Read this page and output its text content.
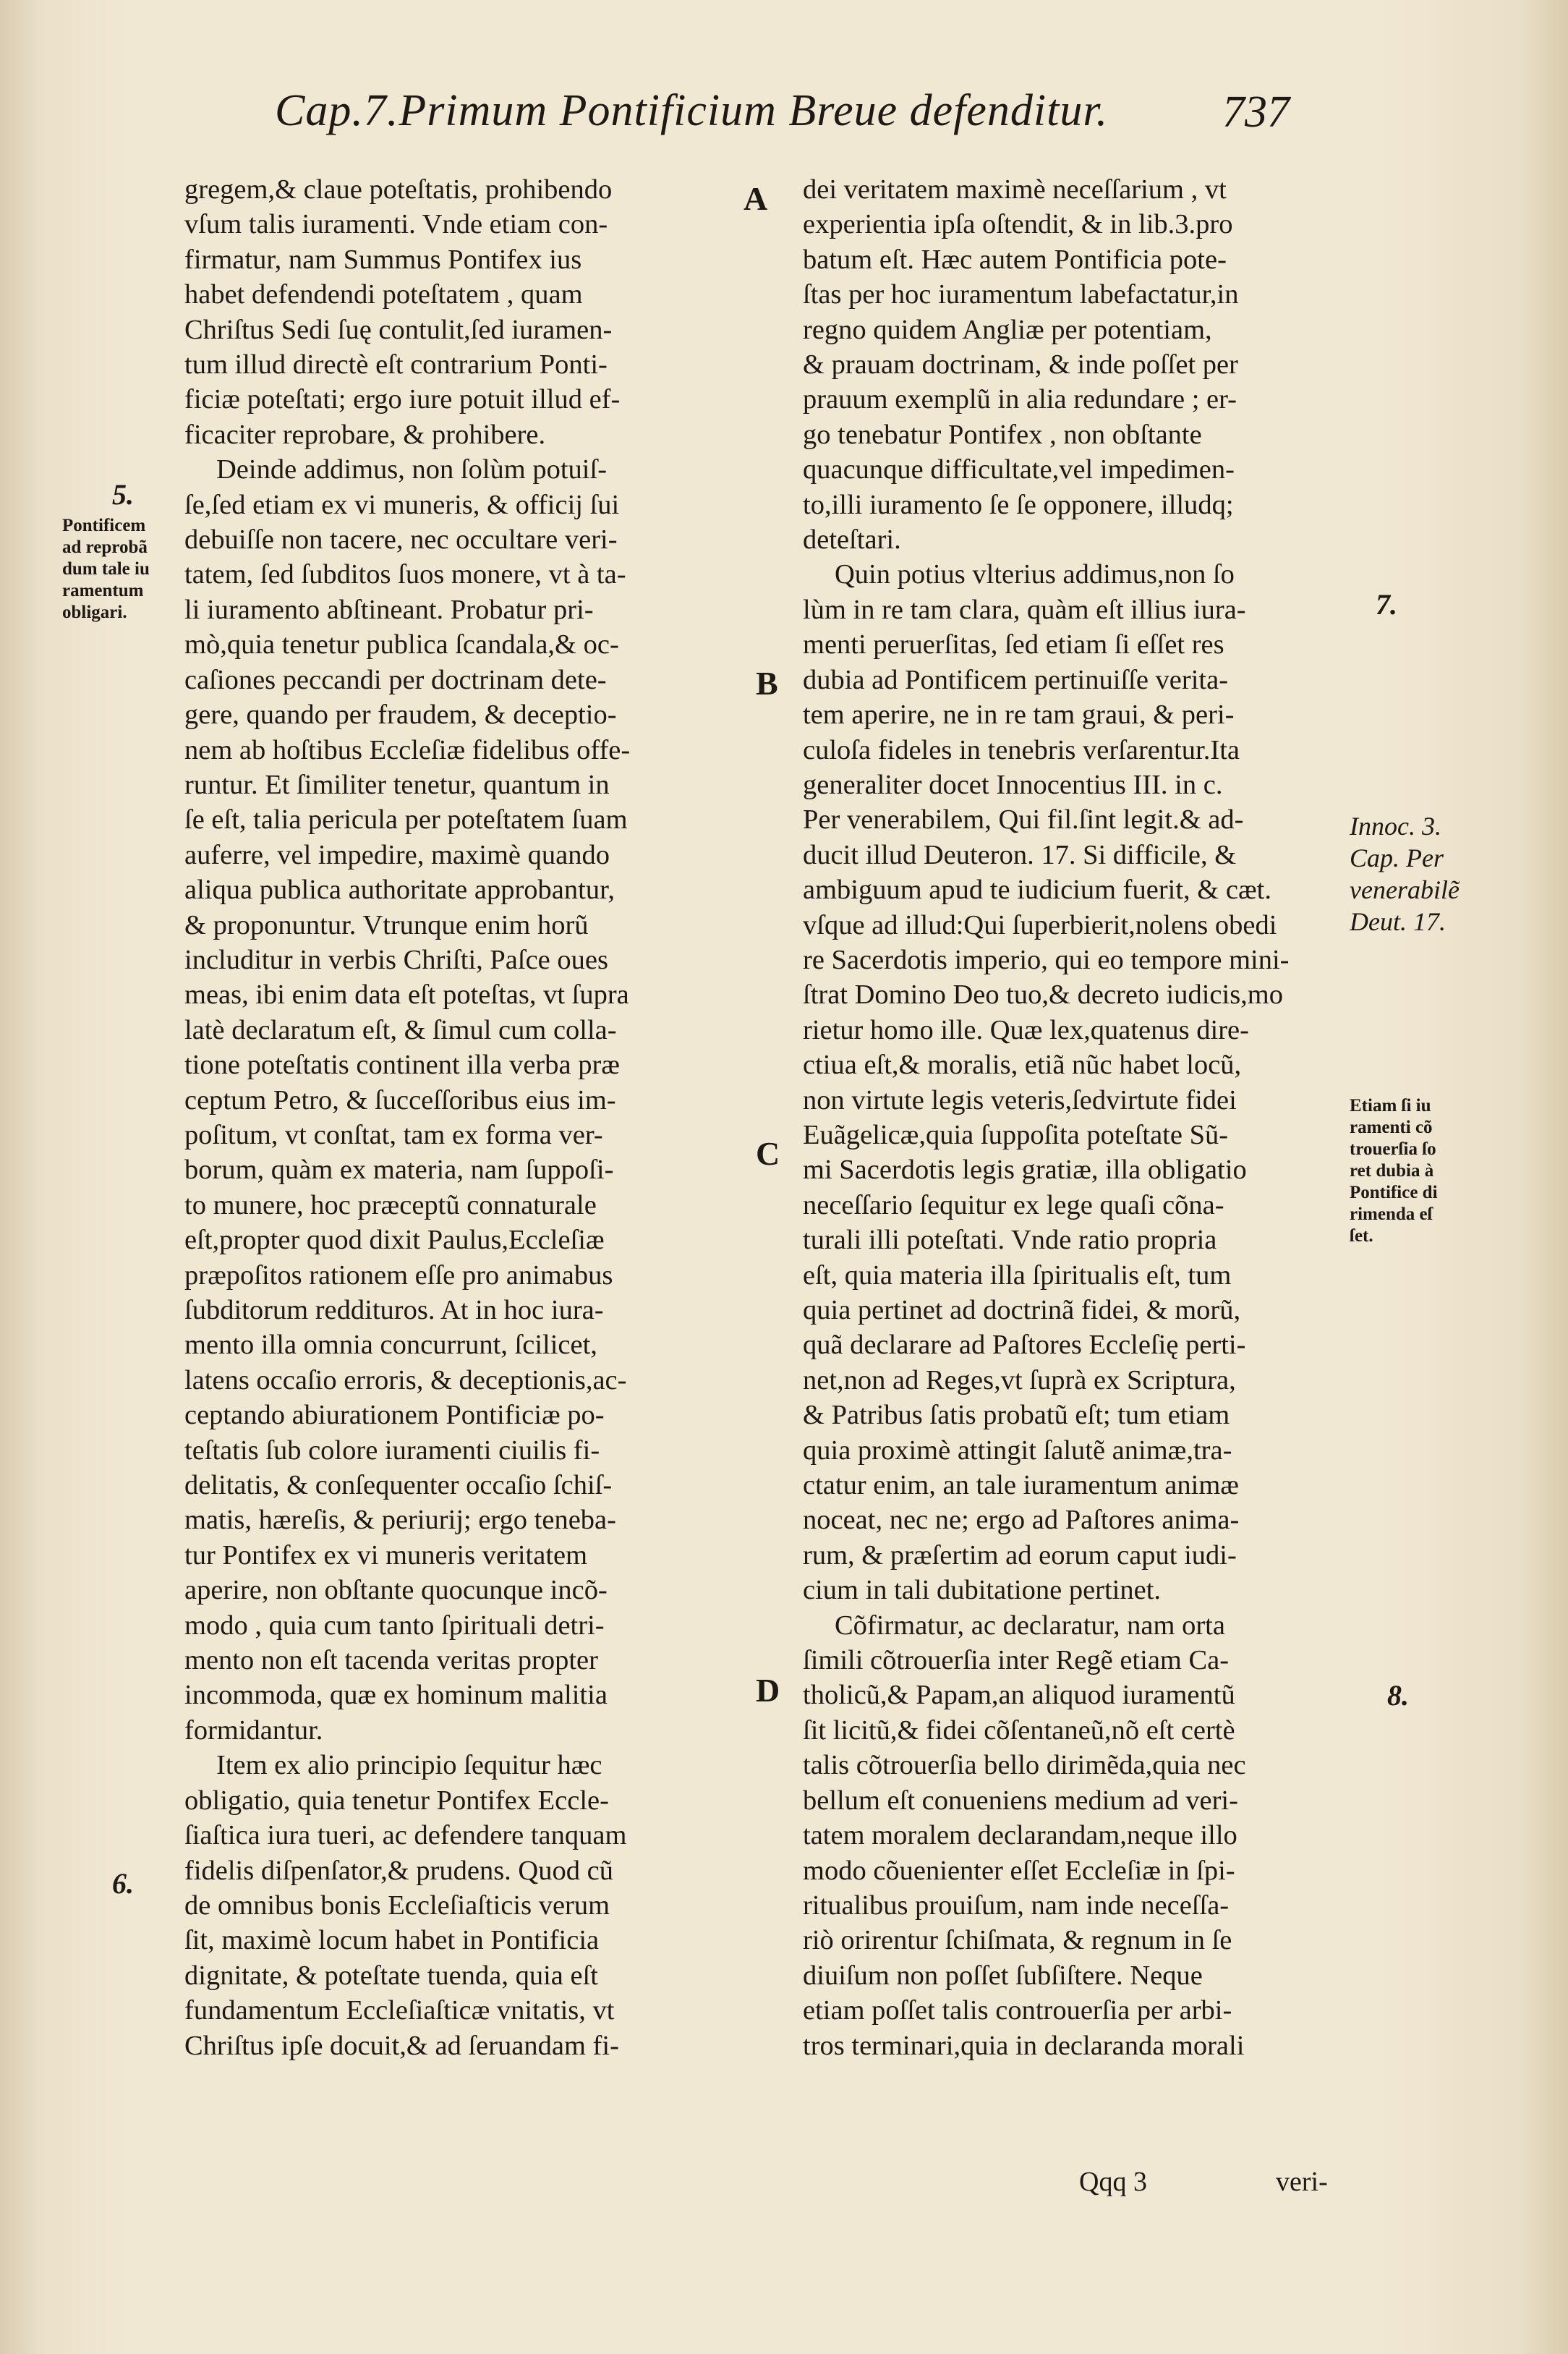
Cap.7.Primum Pontificium Breue defenditur.	737
gregem,& claue poteſtatis, prohibendo
vſum talis iuramenti. Vnde etiam con-
firmatur, nam Summus Pontifex ius
habet defendendi poteſtatem , quam
Chriſtus Sedi ſuę contulit,ſed iuramen-
tum illud directè eſt contrarium Ponti-
ficiæ poteſtati; ergo iure potuit illud ef-
ficaciter reprobare, & prohibere.
Deinde addimus, non ſolùm potuiſ-
ſe,ſed etiam ex vi muneris, & officij ſui
debuiſſe non tacere, nec occultare veri-
tatem, ſed ſubditos ſuos monere, vt à ta-
li iuramento abſtineant. Probatur pri-
mò,quia tenetur publica ſcandala,& oc-
caſiones peccandi per doctrinam dete-
gere, quando per fraudem, & deceptio-
nem ab hoſtibus Eccleſiæ fidelibus offe-
runtur. Et ſimiliter tenetur, quantum in
ſe eſt, talia pericula per poteſtatem ſuam
auferre, vel impedire, maximè quando
aliqua publica authoritate approbantur,
& proponuntur. Vtrunque enim horũ
includitur in verbis Chriſti, Paſce oues
meas, ibi enim data eſt poteſtas, vt ſupra
latè declaratum eſt, & ſimul cum colla-
tione poteſtatis continent illa verba præ
ceptum Petro, & ſucceſſoribus eius im-
poſitum, vt conſtat, tam ex forma ver-
borum, quàm ex materia, nam ſuppoſi-
to munere, hoc præceptũ connaturale
eſt,propter quod dixit Paulus,Eccleſiæ
præpoſitos rationem eſſe pro animabus
ſubditorum reddituros. At in hoc iura-
mento illa omnia concurrunt, ſcilicet,
latens occaſio erroris, & deceptionis,ac-
ceptando abiurationem Pontificiæ po-
teſtatis ſub colore iuramenti ciuilis fi-
delitatis, & conſequenter occaſio ſchiſ-
matis, hæreſis, & periurij; ergo teneba-
tur Pontifex ex vi muneris veritatem
aperire, non obſtante quocunque incõ-
modo , quia cum tanto ſpirituali detri-
mento non eſt tacenda veritas propter
incommoda, quæ ex hominum malitia
formidantur.
Item ex alio principio ſequitur hæc
obligatio, quia tenetur Pontifex Eccle-
ſiaſtica iura tueri, ac defendere tanquam
fidelis diſpenſator,& prudens. Quod cũ
de omnibus bonis Eccleſiaſticis verum
ſit, maximè locum habet in Pontificia
dignitate, & poteſtate tuenda, quia eſt
fundamentum Eccleſiaſticæ vnitatis, vt
Chriſtus ipſe docuit,& ad ſeruandam fi-
dei veritatem maximè neceſſarium , vt
experientia ipſa oſtendit, & in lib.3.pro
batum eſt. Hæc autem Pontificia pote-
ſtas per hoc iuramentum labefactatur,in
regno quidem Angliæ per potentiam,
& prauam doctrinam, & inde poſſet per
prauum exemplũ in alia redundare ; er-
go tenebatur Pontifex , non obſtante
quacunque difficultate,vel impedimen-
to,illi iuramento ſe ſe opponere, illudq;
deteſtari.
Quin potius vlterius addimus,non ſo
lùm in re tam clara, quàm eſt illius iura-
menti peruerſitas, ſed etiam ſi eſſet res
dubia ad Pontificem pertinuiſſe verita-
tem aperire, ne in re tam graui, & peri-
culoſa fideles in tenebris verſarentur.Ita
generaliter docet Innocentius III. in c.
Per venerabilem, Qui fil.ſint legit.& ad-
ducit illud Deuteron. 17. Si difficile, &
ambiguum apud te iudicium fuerit, & cæt.
vſque ad illud:Qui ſuperbierit,nolens obedi
re Sacerdotis imperio, qui eo tempore mini-
ſtrat Domino Deo tuo,& decreto iudicis,mo
rietur homo ille. Quæ lex,quatenus dire-
ctiua eſt,& moralis, etiã nũc habet locũ,
non virtute legis veteris,ſedvirtute fidei
Euãgelicæ,quia ſuppoſita poteſtate Sũ-
mi Sacerdotis legis gratiæ, illa obligatio
neceſſario ſequitur ex lege quaſi cõna-
turali illi poteſtati. Vnde ratio propria
eſt, quia materia illa ſpiritualis eſt, tum
quia pertinet ad doctrinã fidei, & morũ,
quã declarare ad Paſtores Eccleſię perti-
net,non ad Reges,vt ſuprà ex Scriptura,
& Patribus ſatis probatũ eſt; tum etiam
quia proximè attingit ſalutẽ animæ,tra-
ctatur enim, an tale iuramentum animæ
noceat, nec ne; ergo ad Paſtores anima-
rum, & præſertim ad eorum caput iudi-
cium in tali dubitatione pertinet.
Cõfirmatur, ac declaratur, nam orta
ſimili cõtrouerſia inter Regẽ etiam Ca-
tholicũ,& Papam,an aliquod iuramentũ
ſit licitũ,& fidei cõſentaneũ,nõ eſt certè
talis cõtrouerſia bello dirimẽda,quia nec
bellum eſt conueniens medium ad veri-
tatem moralem declarandam,neque illo
modo cõuenienter eſſet Eccleſiæ in ſpi-
ritualibus prouiſum, nam inde neceſſa-
riò orirentur ſchiſmata, & regnum in ſe
diuiſum non poſſet ſubſiſtere. Neque
etiam poſſet talis controuerſia per arbi-
tros terminari,quia in declaranda morali
A
B
C
D
5.
Pontificem
ad reprobã
dum tale iu
ramentum
obligari.
6.
7.
Innoc. 3.
Cap. Per
venerabilẽ
Deut. 17.
Etiam ſi iu
ramenti cõ
trouerſia ſo
ret dubia à
Pontifice di
rimenda eſ
ſet.
8.
Qqq 3	veri-
